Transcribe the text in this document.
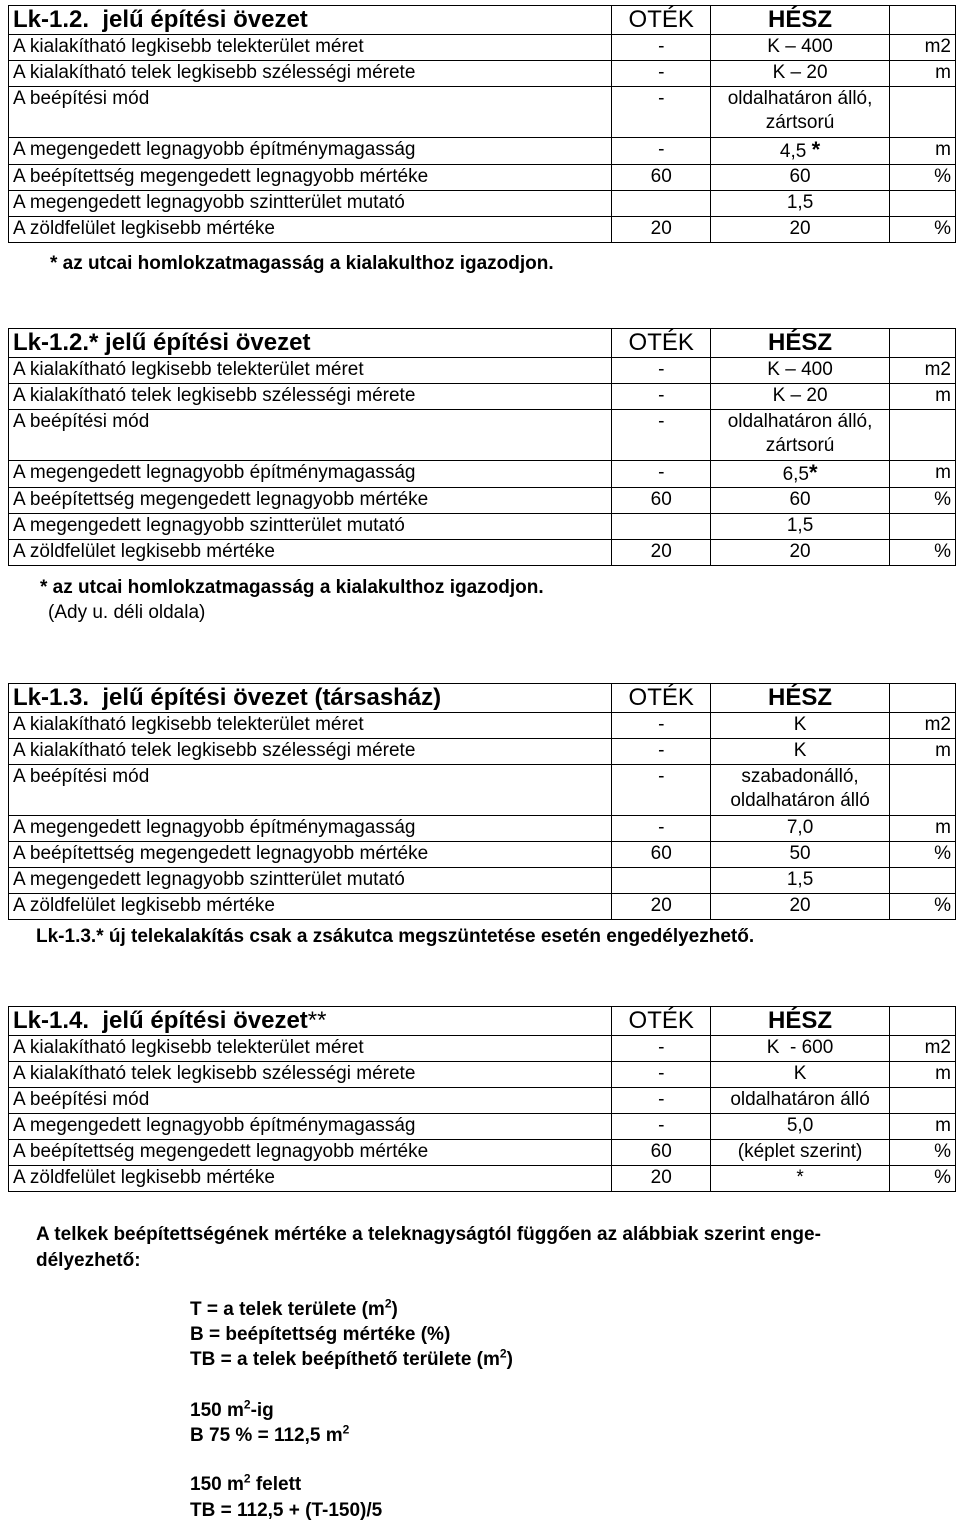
Lk-1.2. jelű építési övezet	OTÉK	HÉSZ	
A kialakítható legkisebb telekterület méret	-	K – 400	m2
A kialakítható telek legkisebb szélességi mérete	-	K – 20	m
A beépítési mód	-	oldalhatáron álló,
zártsorú	
A megengedett legnagyobb építménymagasság	-	4,5 *	m
A beépítettség megengedett legnagyobb mértéke	60	60	%
A megengedett legnagyobb szintterület mutató		1,5	
A zöldfelület legkisebb mértéke	20	20	%
* az utcai homlokzatmagasság a kialakulthoz igazodjon.
Lk-1.2.* jelű építési övezet	OTÉK	HÉSZ	
A kialakítható legkisebb telekterület méret	-	K – 400	m2
A kialakítható telek legkisebb szélességi mérete	-	K – 20	m
A beépítési mód	-	oldalhatáron álló,
zártsorú	
A megengedett legnagyobb építménymagasság	-	6,5*	m
A beépítettség megengedett legnagyobb mértéke	60	60	%
A megengedett legnagyobb szintterület mutató		1,5	
A zöldfelület legkisebb mértéke	20	20	%
* az utcai homlokzatmagasság a kialakulthoz igazodjon.
(Ady u. déli oldala)
Lk-1.3. jelű építési övezet (társasház)	OTÉK	HÉSZ	
A kialakítható legkisebb telekterület méret	-	K	m2
A kialakítható telek legkisebb szélességi mérete	-	K	m
A beépítési mód	-	szabadonálló,
oldalhatáron álló	
A megengedett legnagyobb építménymagasság	-	7,0	m
A beépítettség megengedett legnagyobb mértéke	60	50	%
A megengedett legnagyobb szintterület mutató		1,5	
A zöldfelület legkisebb mértéke	20	20	%
Lk-1.3.* új telekalakítás csak a zsákutca megszüntetése esetén engedélyezhető.
Lk-1.4. jelű építési övezet**	OTÉK	HÉSZ	
A kialakítható legkisebb telekterület méret	-	K  - 600	m2
A kialakítható telek legkisebb szélességi mérete	-	K	m
A beépítési mód	-	oldalhatáron álló	
A megengedett legnagyobb építménymagasság	-	5,0	m
A beépítettség megengedett legnagyobb mértéke	60	(képlet szerint)	%
A zöldfelület legkisebb mértéke	20	*	%
A telkek beépítettségének mértéke a teleknagyságtól függően az alábbiak szerint enge-
délyezhető:
T = a telek területe $(m^2)$
B = beépítettség mértéke (%)
TB = a telek beépíthető területe $(m^2)$
150 $m^2-ig$
B 75 % = 112,5 $m^2$
150 $m^2$ felett
TB = 112,5 + (T-150)/5
